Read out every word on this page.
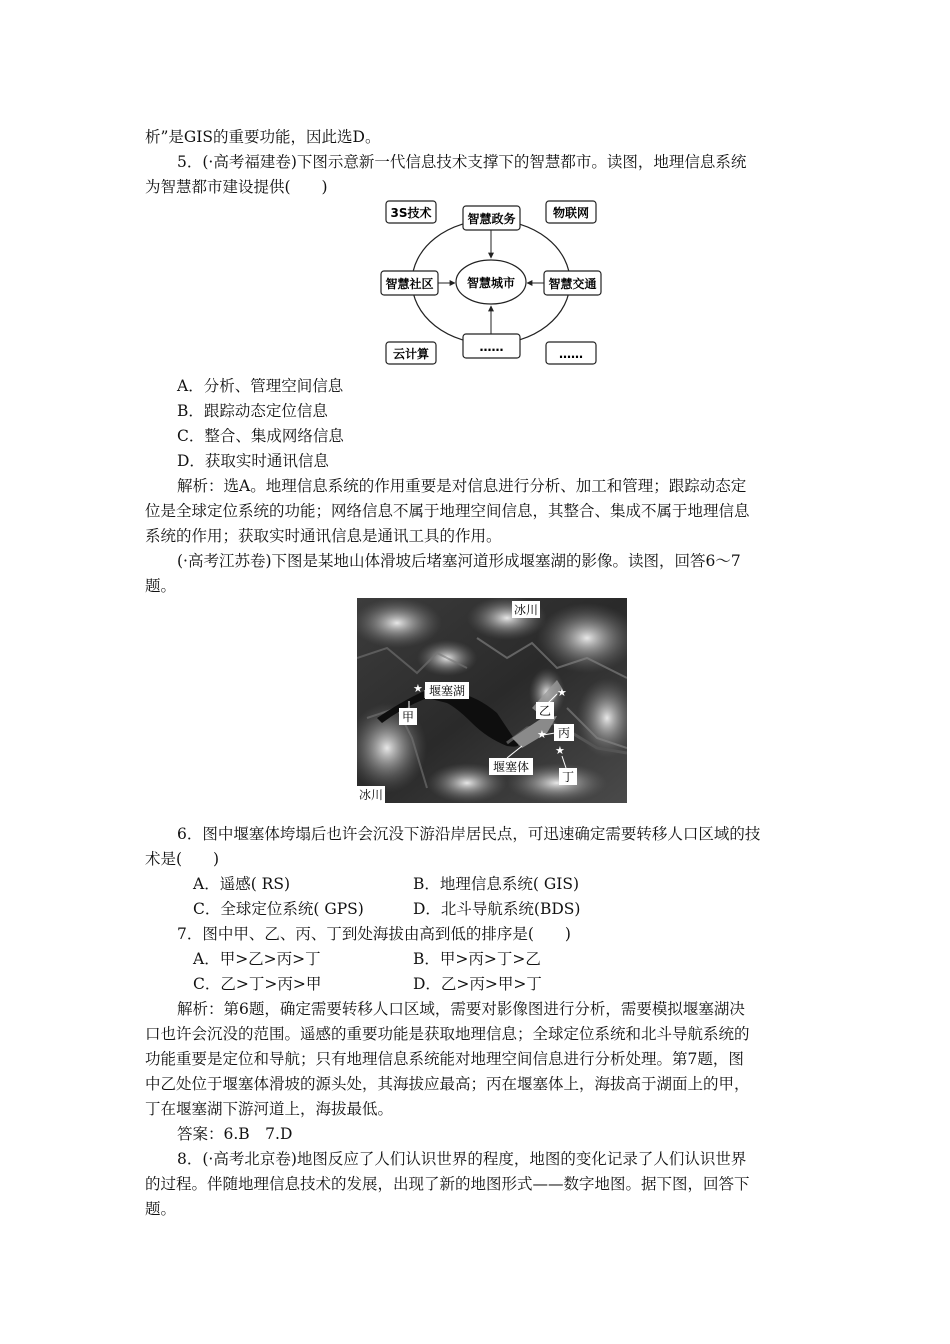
析”是GIS的重要功能，因此选D。
5．(·高考福建卷)下图示意新一代信息技术支撑下的智慧都市。读图，地理信息系统
为智慧都市建设提供(　　)
智慧城市
智慧政务
智慧社区	智慧交通
……
3S技术	物联网
云计算	……
A．分析、管理空间信息
B．跟踪动态定位信息
C．整合、集成网络信息
D．获取实时通讯信息
解析：选A。地理信息系统的作用重要是对信息进行分析、加工和管理；跟踪动态定
位是全球定位系统的功能；网络信息不属于地理空间信息，其整合、集成不属于地理信息
系统的作用；获取实时通讯信息是通讯工具的作用。
(·高考江苏卷)下图是某地山体滑坡后堵塞河道形成堰塞湖的影像。读图，回答6～7
题。
★	★
★
★
冰川
冰川
堰塞湖
甲	乙
丙
堰塞体
丁
6．图中堰塞体垮塌后也许会沉没下游沿岸居民点，可迅速确定需要转移人口区域的技
术是(　　)
A．遥感( RS)	B．地理信息系统( GIS)
C．全球定位系统( GPS)	D．北斗导航系统(BDS)
7．图中甲、乙、丙、丁到处海拔由高到低的排序是(　　)
A．甲>乙>丙>丁	B．甲>丙>丁>乙
C．乙>丁>丙>甲	D．乙>丙>甲>丁
解析：第6题，确定需要转移人口区域，需要对影像图进行分析，需要模拟堰塞湖决
口也许会沉没的范围。遥感的重要功能是获取地理信息；全球定位系统和北斗导航系统的
功能重要是定位和导航；只有地理信息系统能对地理空间信息进行分析处理。第7题，图
中乙处位于堰塞体滑坡的源头处，其海拔应最高；丙在堰塞体上，海拔高于湖面上的甲，
丁在堰塞湖下游河道上，海拔最低。
答案：6.B　7.D
8．(·高考北京卷)地图反应了人们认识世界的程度，地图的变化记录了人们认识世界
的过程。伴随地理信息技术的发展，出现了新的地图形式——数字地图。据下图，回答下
题。
